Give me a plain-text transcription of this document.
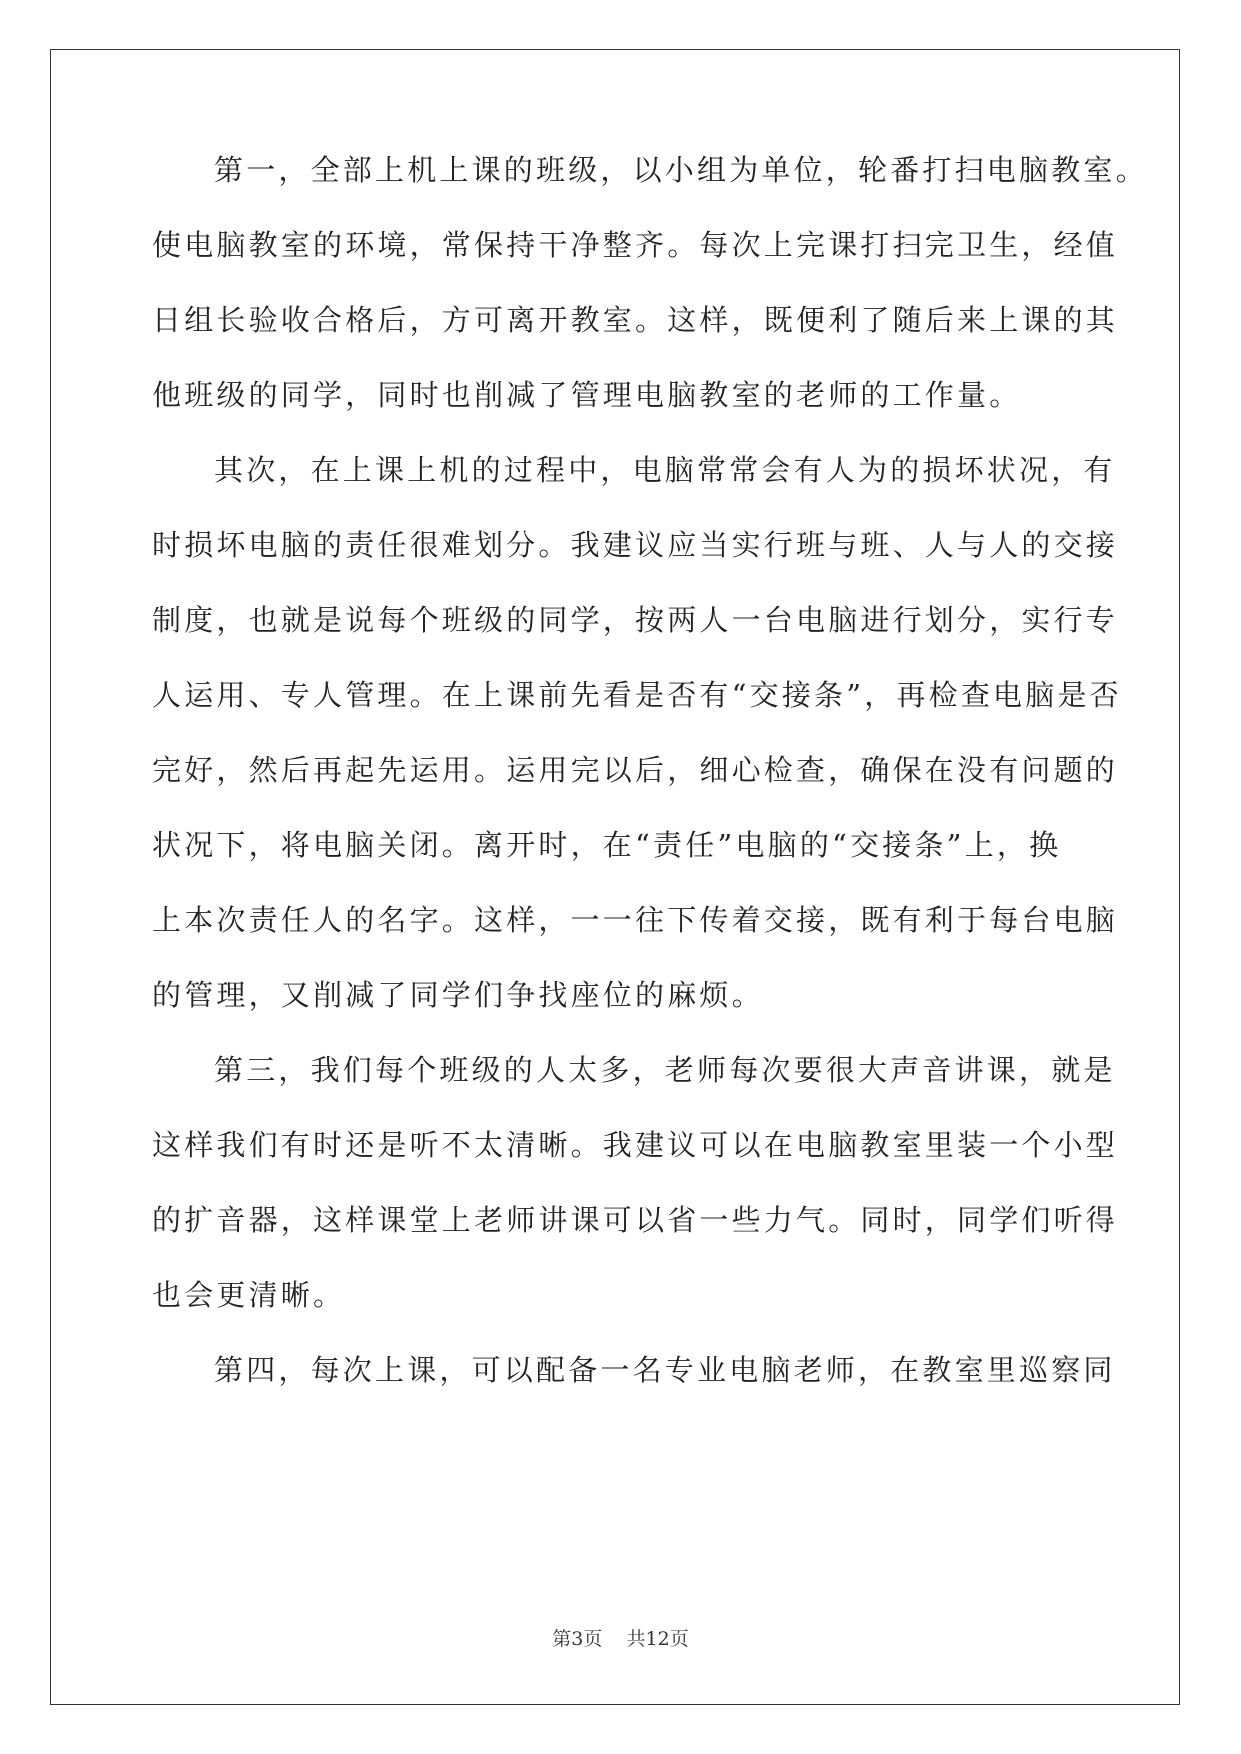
第一，全部上机上课的班级，以小组为单位，轮番打扫电脑教室。
使电脑教室的环境，常保持干净整齐。每次上完课打扫完卫生，经值
日组长验收合格后，方可离开教室。这样，既便利了随后来上课的其
他班级的同学，同时也削减了管理电脑教室的老师的工作量。
其次，在上课上机的过程中，电脑常常会有人为的损坏状况，有
时损坏电脑的责任很难划分。我建议应当实行班与班、人与人的交接
制度，也就是说每个班级的同学，按两人一台电脑进行划分，实行专
人运用、专人管理。在上课前先看是否有“交接条”，再检查电脑是否
完好，然后再起先运用。运用完以后，细心检查，确保在没有问题的
状况下，将电脑关闭。离开时，在“责任”电脑的“交接条”上，换
上本次责任人的名字。这样，一一往下传着交接，既有利于每台电脑
的管理，又削减了同学们争找座位的麻烦。
第三，我们每个班级的人太多，老师每次要很大声音讲课，就是
这样我们有时还是听不太清晰。我建议可以在电脑教室里装一个小型
的扩音器，这样课堂上老师讲课可以省一些力气。同时，同学们听得
也会更清晰。
第四，每次上课，可以配备一名专业电脑老师，在教室里巡察同
第3页 共12页
